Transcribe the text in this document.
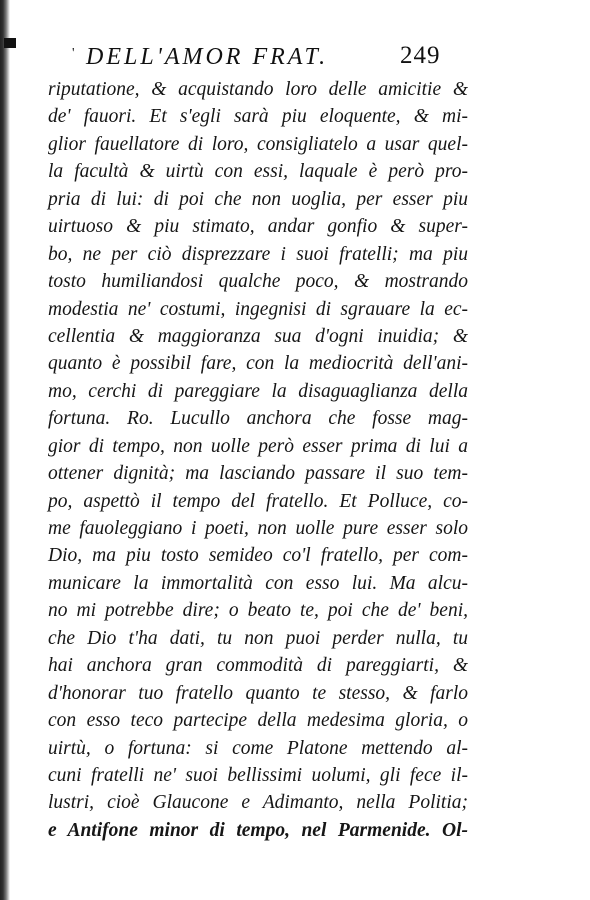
' DELL'AMOR FRAT.	249
riputatione, & acquistando loro delle amicitie &
de' fauori. Et s'egli sarà piu eloquente, & mi-
glior fauellatore di loro, consigliatelo a usar quel-
la facultà & uirtù con essi, laquale è però pro-
pria di lui: di poi che non uoglia, per esser piu
uirtuoso & piu stimato, andar gonfio & super-
bo, ne per ciò disprezzare i suoi fratelli; ma piu
tosto humiliandosi qualche poco, & mostrando
modestia ne' costumi, ingegnisi di sgrauare la ec-
cellentia & maggioranza sua d'ogni inuidia; &
quanto è possibil fare, con la mediocrità dell'ani-
mo, cerchi di pareggiare la disaguaglianza della
fortuna. Ro. Lucullo anchora che fosse mag-
gior di tempo, non uolle però esser prima di lui a
ottener dignità; ma lasciando passare il suo tem-
po, aspettò il tempo del fratello. Et Polluce, co-
me fauoleggiano i poeti, non uolle pure esser solo
Dio, ma piu tosto semideo co'l fratello, per com-
municare la immortalità con esso lui. Ma alcu-
no mi potrebbe dire; o beato te, poi che de' beni,
che Dio t'ha dati, tu non puoi perder nulla, tu
hai anchora gran commodità di pareggiarti, &
d'honorar tuo fratello quanto te stesso, & farlo
con esso teco partecipe della medesima gloria, o
uirtù, o fortuna: si come Platone mettendo al-
cuni fratelli ne' suoi bellissimi uolumi, gli fece il-
lustri, cioè Glaucone e Adimanto, nella Politia;
e Antifone minor di tempo, nel Parmenide. Ol-
